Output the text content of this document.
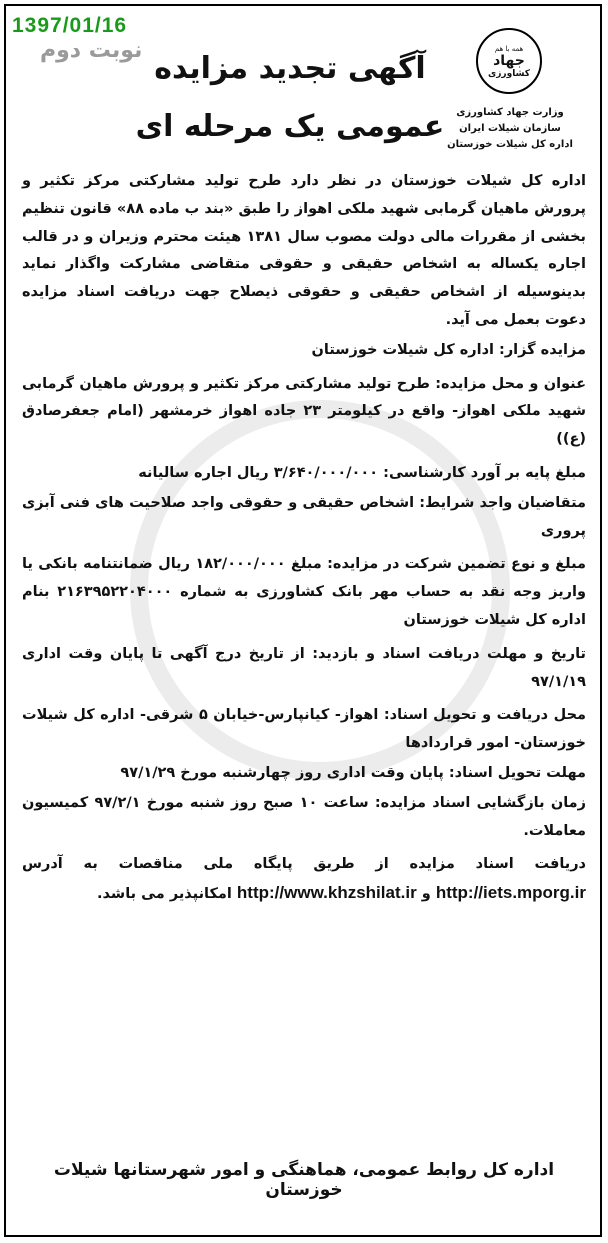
1397/01/16
نوبت دوم	همه با هم
جهاد
کشاورزی
وزارت جهاد کشاورزی
سازمان شیلات ایران
اداره کل شیلات خوزستان
آگهی تجدید مزایده
عمومی یک مرحله ای

اداره کل شیلات خوزستان در نظر دارد طرح تولید مشارکتی مرکز تکثیر و پرورش ماهیان گرمابی شهید ملکی اهواز را طبق «بند ب ماده ۸۸» قانون تنظیم بخشی از مقررات مالی دولت مصوب سال ۱۳۸۱ هیئت محترم وزیران و در قالب اجاره یکساله به اشخاص حقیقی و حقوقی متقاضی مشارکت واگذار نماید بدینوسیله از اشخاص حقیقی و حقوقی ذیصلاح جهت دریافت اسناد مزایده دعوت بعمل می آید.

مزایده گزار: اداره کل شیلات خوزستان

عنوان و محل مزایده: طرح تولید مشارکتی مرکز تکثیر و پرورش ماهیان گرمابی شهید ملکی اهواز- واقع در کیلومتر ۲۳ جاده اهواز خرمشهر (امام جعفرصادق (ع))

مبلغ پایه بر آورد کارشناسی: ۳/۶۴۰/۰۰۰/۰۰۰ ریال اجاره سالیانه

متقاضیان واجد شرایط: اشخاص حقیقی و حقوقی واجد صلاحیت های فنی آبزی پروری

مبلغ و نوع تضمین شرکت در مزایده: مبلغ ۱۸۲/۰۰۰/۰۰۰ ریال ضمانتنامه بانکی یا واریز وجه نقد به حساب مهر بانک کشاورزی به شماره ۲۱۶۳۹۵۲۲۰۴۰۰۰ بنام اداره کل شیلات خوزستان

تاریخ و مهلت دریافت اسناد و بازدید: از تاریخ درج آگهی تا پایان وقت اداری ۹۷/۱/۱۹

محل دریافت و تحویل اسناد: اهواز- کیانپارس-خیابان ۵ شرقی- اداره کل شیلات خوزستان- امور قراردادها

مهلت تحویل اسناد: پایان وقت اداری روز چهارشنبه مورخ ۹۷/۱/۲۹

زمان بازگشایی اسناد مزایده: ساعت ۱۰ صبح روز شنبه مورخ ۹۷/۲/۱ کمیسیون معاملات.

دریافت اسناد مزایده از طریق پایگاه ملی مناقصات به آدرس http://iets.mporg.ir و http://www.khzshilat.ir امکانپذیر می باشد.

اداره کل روابط عمومی، هماهنگی و امور شهرستانها شیلات خوزستان
